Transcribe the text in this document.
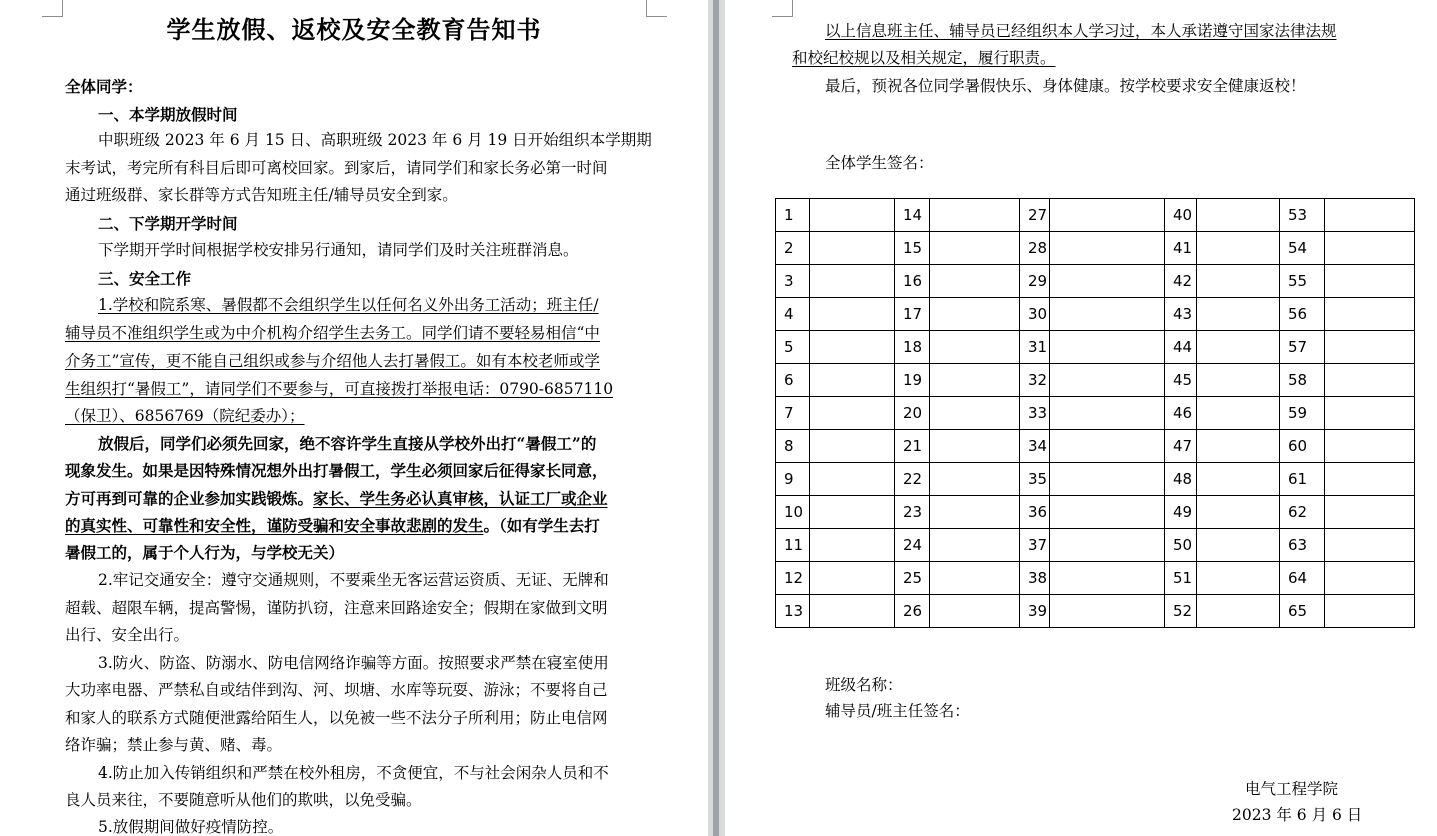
学生放假、返校及安全教育告知书
全体同学：
一、本学期放假时间
中职班级 2023 年 6 月 15 日、高职班级 2023 年 6 月 19 日开始组织本学期期
末考试，考完所有科目后即可离校回家。到家后，请同学们和家长务必第一时间
通过班级群、家长群等方式告知班主任/辅导员安全到家。
二、下学期开学时间
下学期开学时间根据学校安排另行通知，请同学们及时关注班群消息。
三、安全工作
1.学校和院系寒、暑假都不会组织学生以任何名义外出务工活动；班主任/
辅导员不准组织学生或为中介机构介绍学生去务工。同学们请不要轻易相信“中
介务工”宣传，更不能自己组织或参与介绍他人去打暑假工。如有本校老师或学
生组织打“暑假工”，请同学们不要参与，可直接拨打举报电话：0790-6857110
（保卫）、6856769（院纪委办）；
放假后，同学们必须先回家，绝不容许学生直接从学校外出打“暑假工”的
现象发生。如果是因特殊情况想外出打暑假工，学生必须回家后征得家长同意，
方可再到可靠的企业参加实践锻炼。家长、学生务必认真审核，认证工厂或企业
的真实性、可靠性和安全性，谨防受骗和安全事故悲剧的发生。（如有学生去打
暑假工的，属于个人行为，与学校无关）
2.牢记交通安全：遵守交通规则，不要乘坐无客运营运资质、无证、无牌和
超载、超限车辆，提高警惕，谨防扒窃，注意来回路途安全；假期在家做到文明
出行、安全出行。
3.防火、防盗、防溺水、防电信网络诈骗等方面。按照要求严禁在寝室使用
大功率电器、严禁私自或结伴到沟、河、坝塘、水库等玩耍、游泳；不要将自己
和家人的联系方式随便泄露给陌生人，以免被一些不法分子所利用；防止电信网
络诈骗；禁止参与黄、赌、毒。
4.防止加入传销组织和严禁在校外租房，不贪便宜，不与社会闲杂人员和不
良人员来往，不要随意听从他们的欺哄，以免受骗。
5.放假期间做好疫情防控。
以上信息班主任、辅导员已经组织本人学习过，本人承诺遵守国家法律法规
和校纪校规以及相关规定，履行职责。
最后，预祝各位同学暑假快乐、身体健康。按学校要求安全健康返校！
全体学生签名：
1		14		27		40		53	
2		15		28		41		54	
3		16		29		42		55	
4		17		30		43		56	
5		18		31		44		57	
6		19		32		45		58	
7		20		33		46		59	
8		21		34		47		60	
9		22		35		48		61	
10		23		36		49		62	
11		24		37		50		63	
12		25		38		51		64	
13		26		39		52		65	
班级名称：
辅导员/班主任签名：
电气工程学院
2023 年 6 月 6 日
